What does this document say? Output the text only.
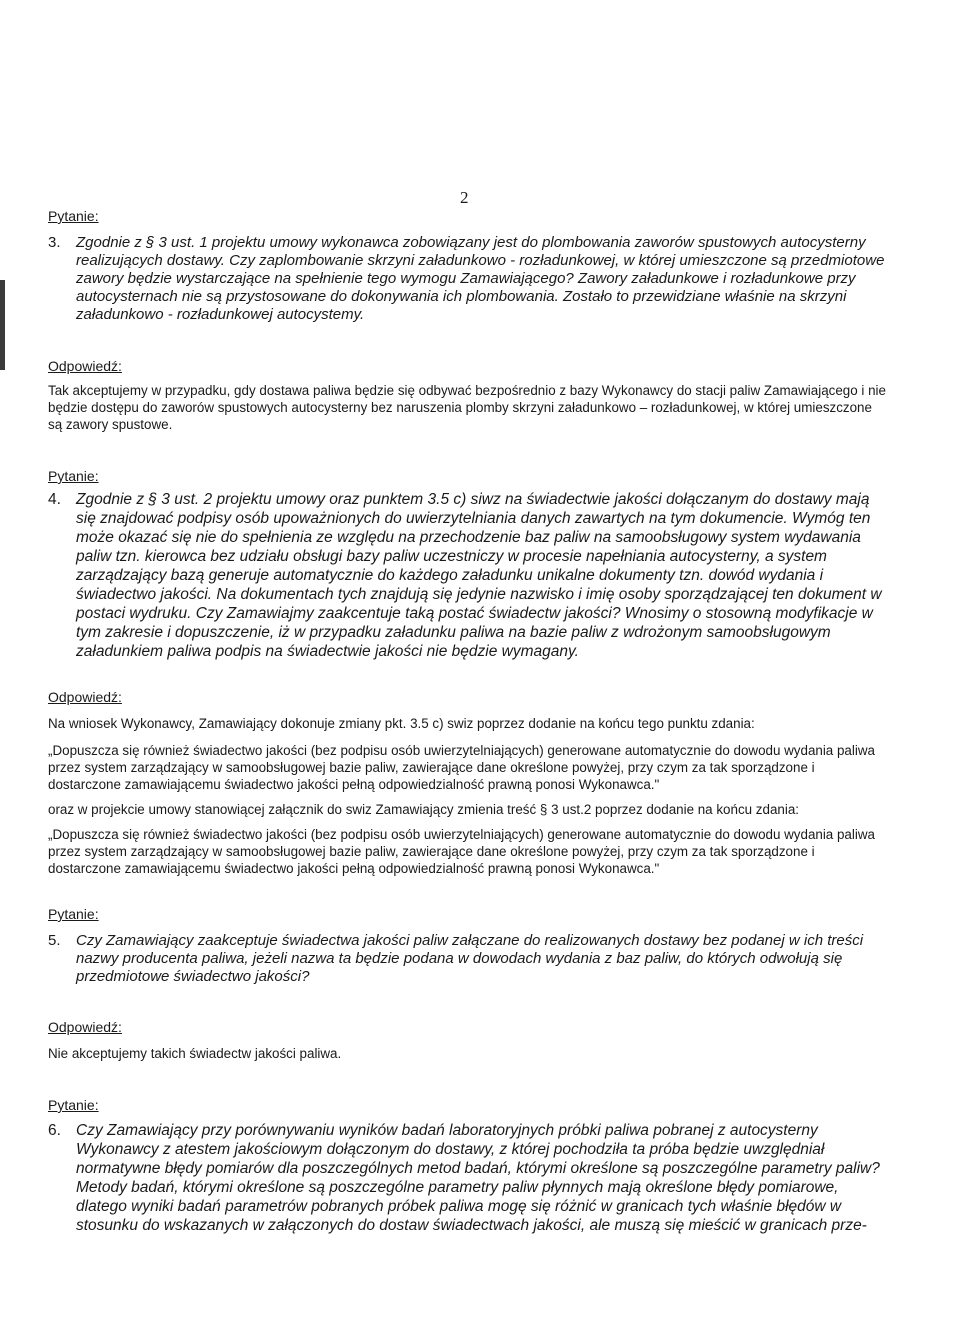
2

Pytanie:

3.	Zgodnie z § 3 ust. 1 projektu umowy wykonawca zobowiązany jest do plombowania zaworów spustowych autocysterny realizujących dostawy. Czy zaplombowanie skrzyni załadunkowo - rozładunkowej, w której umieszczone są przedmiotowe zawory będzie wystarczające na spełnienie tego wymogu Zamawiającego? Zawory załadunkowe i rozładunkowe przy autocysternach nie są przystosowane do dokonywania ich plombowania. Zostało to przewidziane właśnie na skrzyni załadunkowo - rozładunkowej autocystemy.

Odpowiedź:

Tak akceptujemy w przypadku, gdy dostawa paliwa będzie się odbywać bezpośrednio z bazy Wykonawcy do stacji paliw Zamawiającego i nie będzie dostępu do zaworów spustowych autocysterny bez naruszenia plomby skrzyni załadunkowo – rozładunkowej, w której umieszczone są zawory spustowe.

Pytanie:

4. Zgodnie z § 3 ust. 2 projektu umowy oraz punktem 3.5 c) siwz na świadectwie jakości dołączanym do dostawy mają się znajdować podpisy osób upoważnionych do uwierzytelniania danych zawartych na tym dokumencie. Wymóg ten może okazać się nie do spełnienia ze względu na przechodzenie baz paliw na samoobsługowy system wydawania paliw tzn. kierowca bez udziału obsługi bazy paliw uczestniczy w procesie napełniania autocysterny, a system zarządzający bazą generuje automatycznie do każdego załadunku unikalne dokumenty tzn. dowód wydania i świadectwo jakości. Na dokumentach tych znajdują się jedynie nazwisko i imię osoby sporządzającej ten dokument w postaci wydruku. Czy Zamawiajmy zaakcentuje taką postać świadectw jakości? Wnosimy o stosowną modyfikacje w tym zakresie i dopuszczenie, iż w przypadku załadunku paliwa na bazie paliw z wdrożonym samoobsługowym załadunkiem paliwa podpis na świadectwie jakości nie będzie wymagany.

Odpowiedź:

Na wniosek Wykonawcy, Zamawiający dokonuje zmiany pkt. 3.5 c) swiz poprzez dodanie na końcu tego punktu zdania:

„Dopuszcza się również świadectwo jakości (bez podpisu osób uwierzytelniających) generowane automatycznie do dowodu wydania paliwa przez system zarządzający w samoobsługowej bazie paliw, zawierające dane określone powyżej, przy czym za tak sporządzone i dostarczone zamawiającemu świadectwo jakości pełną odpowiedzialność prawną ponosi Wykonawca."

oraz w projekcie umowy stanowiącej załącznik do swiz Zamawiający zmienia treść § 3 ust.2 poprzez dodanie na końcu zdania:

„Dopuszcza się również świadectwo jakości (bez podpisu osób uwierzytelniających) generowane automatycznie do dowodu wydania paliwa przez system zarządzający w samoobsługowej bazie paliw, zawierające dane określone powyżej, przy czym za tak sporządzone i dostarczone zamawiającemu świadectwo jakości pełną odpowiedzialność prawną ponosi Wykonawca."

Pytanie:

5.	Czy Zamawiający zaakceptuje świadectwa jakości paliw załączane do realizowanych dostawy bez podanej w ich treści nazwy producenta paliwa, jeżeli nazwa ta będzie podana w dowodach wydania z baz paliw, do których odwołują się przedmiotowe świadectwo jakości?

Odpowiedź:

Nie akceptujemy takich świadectw jakości paliwa.

Pytanie:

6. Czy Zamawiający przy porównywaniu wyników badań laboratoryjnych próbki paliwa pobranej z autocysterny Wykonawcy z atestem jakościowym dołączonym do dostawy, z której pochodziła ta próba będzie uwzględniał normatywne błędy pomiarów dla poszczególnych metod badań, którymi określone są poszczególne parametry paliw? Metody badań, którymi określone są poszczególne parametry paliw płynnych mają określone błędy pomiarowe, dlatego wyniki badań parametrów pobranych próbek paliwa mogę się różnić w granicach tych właśnie błędów w stosunku do wskazanych w załączonych do dostaw świadectwach jakości, ale muszą się mieścić w granicach prze-
